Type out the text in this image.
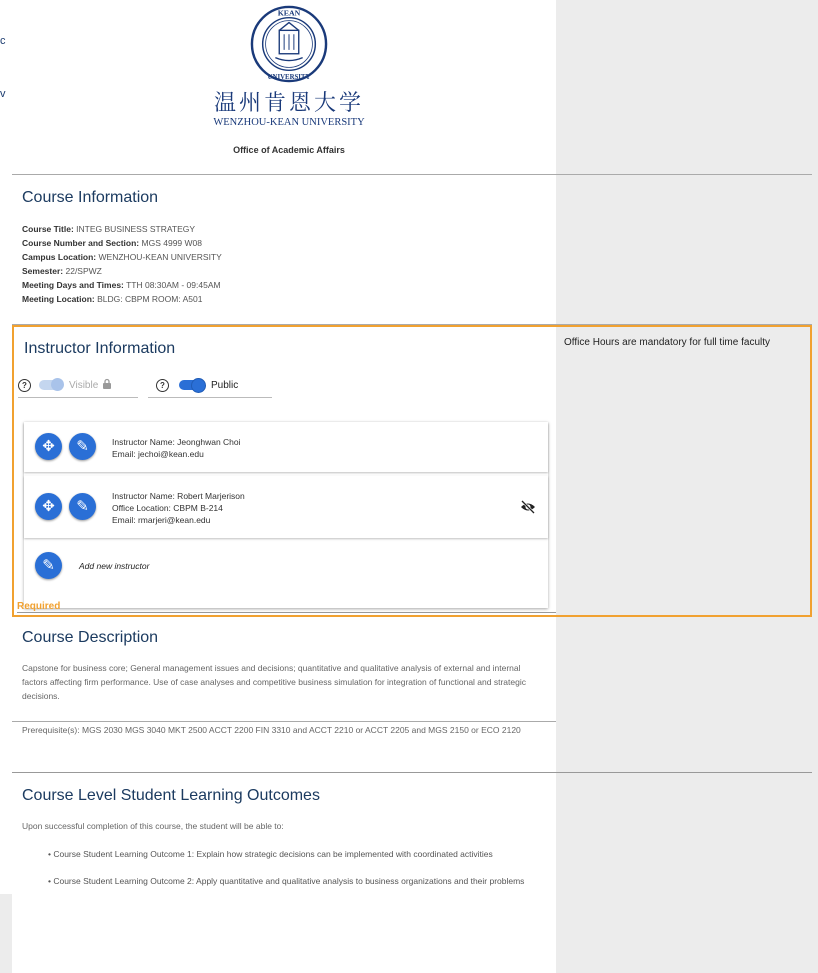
c
v
KEAN
UNIVERSITY
温州肯恩大学
WENZHOU-KEAN UNIVERSITY
Office of Academic Affairs
Course Information
Course Title: INTEG BUSINESS STRATEGY
Course Number and Section: MGS 4999 W08
Campus Location: WENZHOU-KEAN UNIVERSITY
Semester: 22/SPWZ
Meeting Days and Times: TTH 08:30AM - 09:45AM
Meeting Location: BLDG: CBPM ROOM: A501
Instructor Information
?	Visible	?	Public
✥	✎	Instructor Name: Jeonghwan Choi
Email: jechoi@kean.edu
✥	✎
Instructor Name: Robert Marjerison
Office Location: CBPM B-214
Email: rmarjeri@kean.edu
✎	Add new instructor
Required
Office Hours are mandatory for full time faculty
Course Description
Capstone for business core; General management issues and decisions; quantitative and qualitative analysis of external and internal factors affecting firm performance. Use of case analyses and competitive business simulation for integration of functional and strategic decisions.
Prerequisite(s): MGS 2030 MGS 3040 MKT 2500 ACCT 2200 FIN 3310 and ACCT 2210 or ACCT 2205 and MGS 2150 or ECO 2120
Course Level Student Learning Outcomes
Upon successful completion of this course, the student will be able to:
• Course Student Learning Outcome 1: Explain how strategic decisions can be implemented with coordinated activities
• Course Student Learning Outcome 2: Apply quantitative and qualitative analysis to business organizations and their problems
